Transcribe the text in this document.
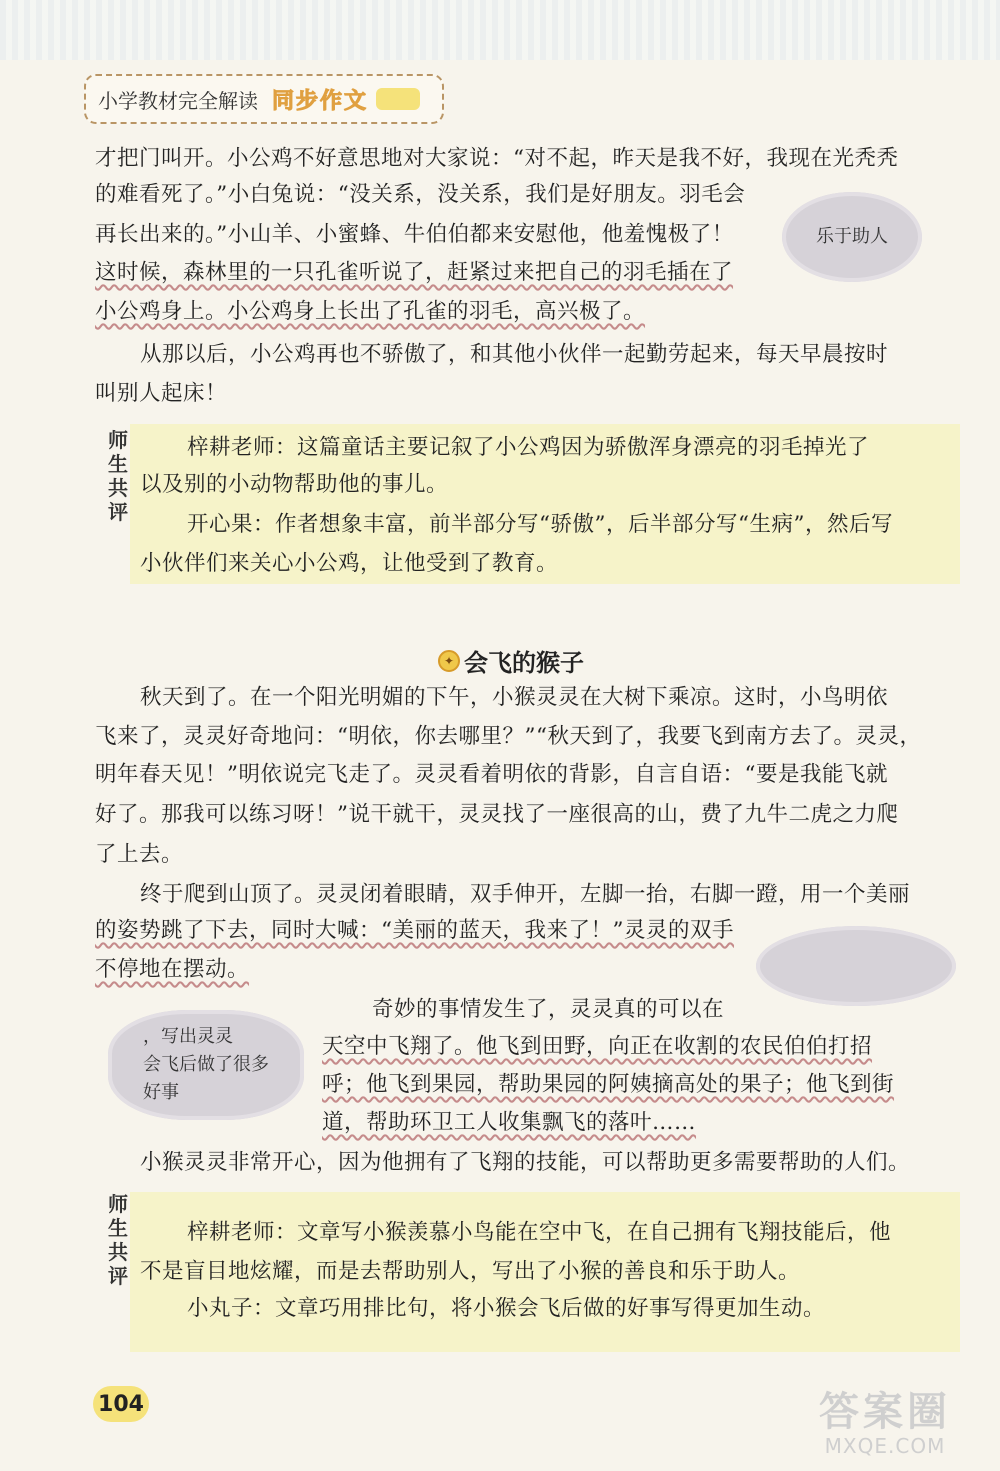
小学教材完全解读 同步作文
才把门叫开。小公鸡不好意思地对大家说：“对不起，昨天是我不好，我现在光秃秃
的难看死了。”小白兔说：“没关系，没关系，我们是好朋友。羽毛会
再长出来的。”小山羊、小蜜蜂、牛伯伯都来安慰他，他羞愧极了！
这时候，森林里的一只孔雀听说了，赶紧过来把自己的羽毛插在了
小公鸡身上。小公鸡身上长出了孔雀的羽毛，高兴极了。
从那以后，小公鸡再也不骄傲了，和其他小伙伴一起勤劳起来，每天早晨按时
叫别人起床！
乐于助人
师
生
共
评
梓耕老师：这篇童话主要记叙了小公鸡因为骄傲浑身漂亮的羽毛掉光了
以及别的小动物帮助他的事儿。
开心果：作者想象丰富，前半部分写“骄傲”，后半部分写“生病”，然后写
小伙伴们来关心小公鸡，让他受到了教育。
✦ 会飞的猴子
秋天到了。在一个阳光明媚的下午，小猴灵灵在大树下乘凉。这时，小鸟明依
飞来了，灵灵好奇地问：“明依，你去哪里？”“秋天到了，我要飞到南方去了。灵灵，
明年春天见！”明依说完飞走了。灵灵看着明依的背影，自言自语：“要是我能飞就
好了。那我可以练习呀！”说干就干，灵灵找了一座很高的山，费了九牛二虎之力爬
了上去。
终于爬到山顶了。灵灵闭着眼睛，双手伸开，左脚一抬，右脚一蹬，用一个美丽
的姿势跳了下去，同时大喊：“美丽的蓝天，我来了！”灵灵的双手
不停地在摆动。
奇妙的事情发生了，灵灵真的可以在
天空中飞翔了。他飞到田野，向正在收割的农民伯伯打招
呼；他飞到果园，帮助果园的阿姨摘高处的果子；他飞到街
道，帮助环卫工人收集飘飞的落叶……
小猴灵灵非常开心，因为他拥有了飞翔的技能，可以帮助更多需要帮助的人们。
，写出灵灵
会飞后做了很多
好事
师
生
共
评
梓耕老师：文章写小猴羡慕小鸟能在空中飞，在自己拥有飞翔技能后，他
不是盲目地炫耀，而是去帮助别人，写出了小猴的善良和乐于助人。
小丸子：文章巧用排比句，将小猴会飞后做的好事写得更加生动。
104	答案圈
MXQE.COM
